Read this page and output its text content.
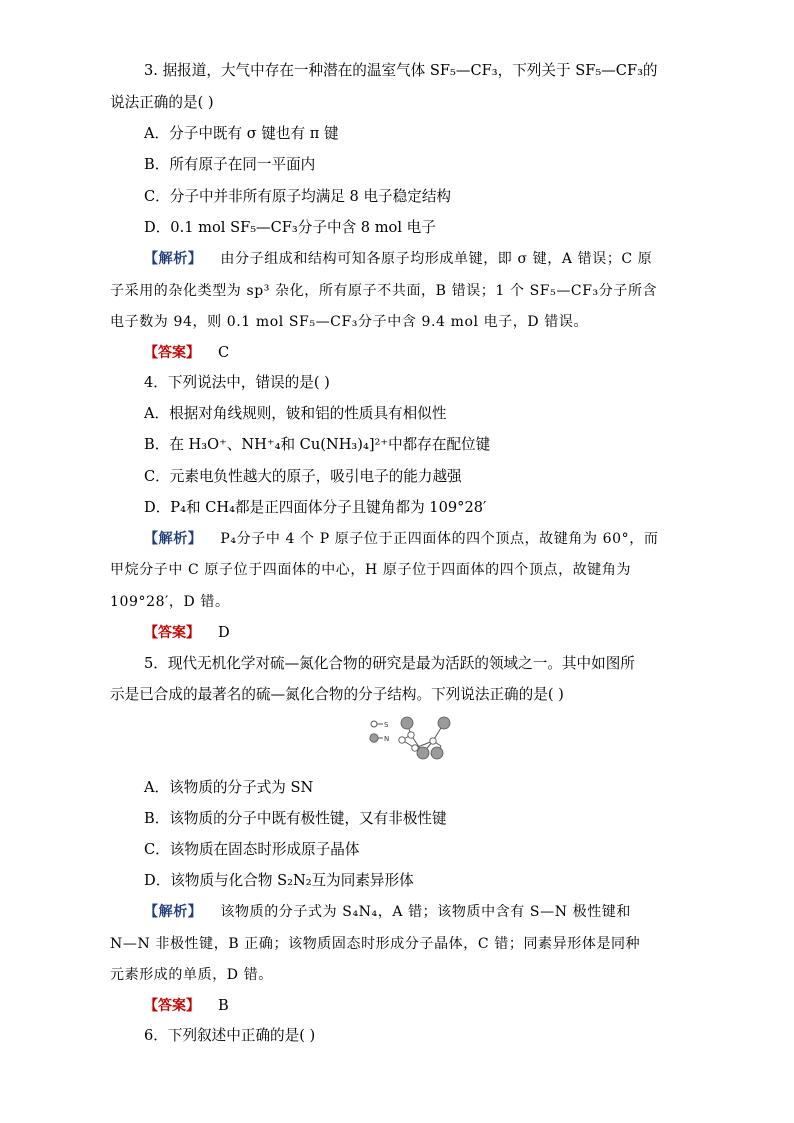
3. 据报道，大气中存在一种潜在的温室气体 SF₅—CF₃，下列关于 SF₅—CF₃的
说法正确的是( )
A．分子中既有 σ 键也有 π 键
B．所有原子在同一平面内
C．分子中并非所有原子均满足 8 电子稳定结构
D．0.1 mol SF₅—CF₃分子中含 8 mol 电子
【解析】 由分子组成和结构可知各原子均形成单键，即 σ 键，A 错误；C 原
子采用的杂化类型为 sp³ 杂化，所有原子不共面，B 错误；1 个 SF₅—CF₃分子所含
电子数为 94，则 0.1 mol SF₅—CF₃分子中含 9.4 mol 电子，D 错误。
【答案】 C
4．下列说法中，错误的是( )
A．根据对角线规则，铍和铝的性质具有相似性
B．在 H₃O⁺、NH⁺₄和 Cu(NH₃)₄]²⁺中都存在配位键
C．元素电负性越大的原子，吸引电子的能力越强
D．P₄和 CH₄都是正四面体分子且键角都为 109°28′
【解析】 P₄分子中 4 个 P 原子位于正四面体的四个顶点，故键角为 60°，而
甲烷分子中 C 原子位于四面体的中心，H 原子位于四面体的四个顶点，故键角为
109°28′，D 错。
【答案】 D
5．现代无机化学对硫—氮化合物的研究是最为活跃的领域之一。其中如图所
示是已合成的最著名的硫—氮化合物的分子结构。下列说法正确的是( )
S
N
A．该物质的分子式为 SN
B．该物质的分子中既有极性键，又有非极性键
C．该物质在固态时形成原子晶体
D．该物质与化合物 S₂N₂互为同素异形体
【解析】 该物质的分子式为 S₄N₄，A 错；该物质中含有 S—N 极性键和
N—N 非极性键，B 正确；该物质固态时形成分子晶体，C 错；同素异形体是同种
元素形成的单质，D 错。
【答案】 B
6．下列叙述中正确的是( )
